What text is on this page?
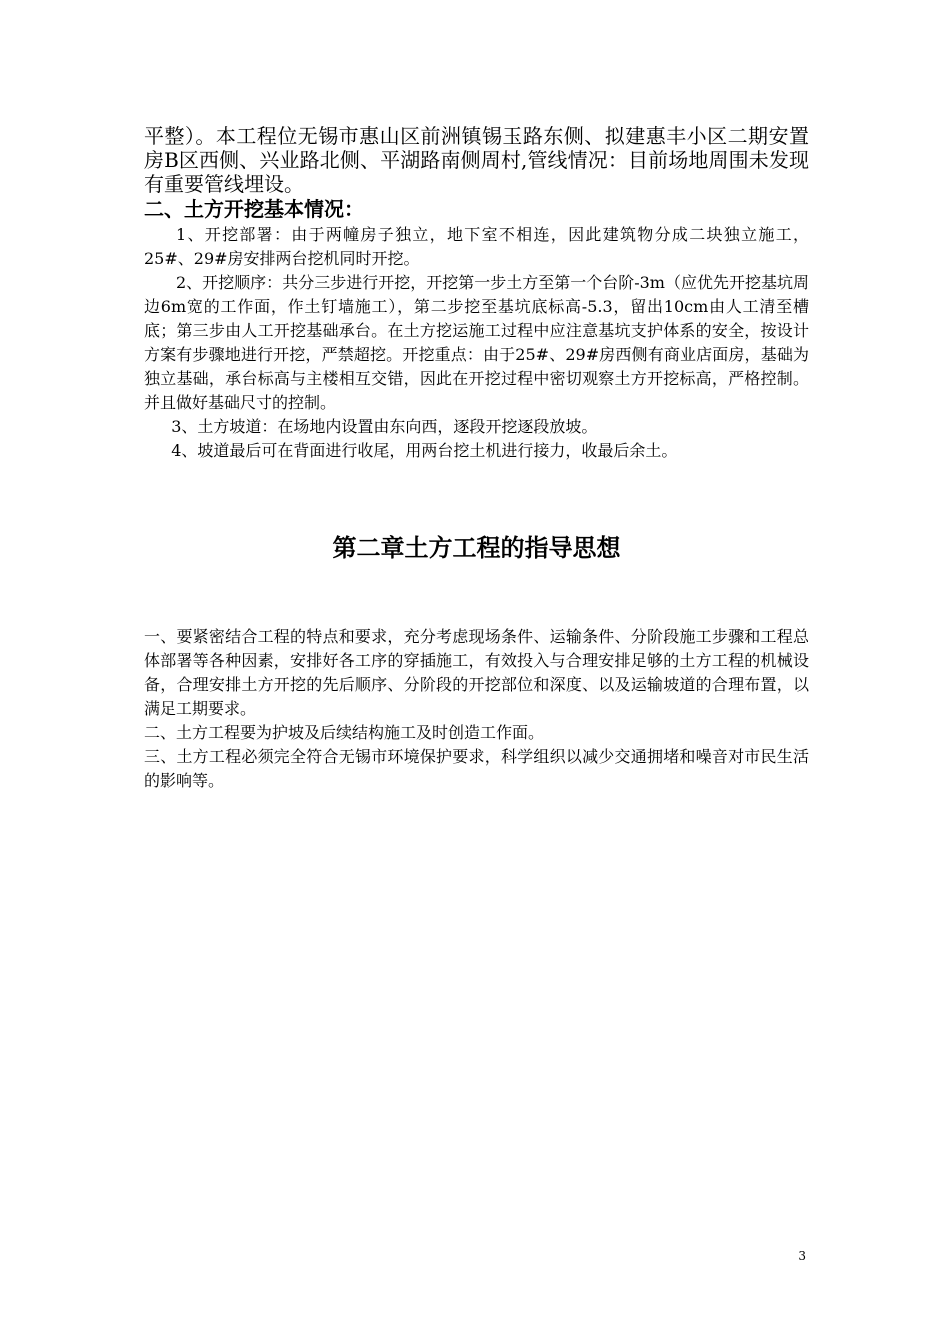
平整）。本工程位无锡市惠山区前洲镇锡玉路东侧、拟建惠丰小区二期安置房B区西侧、兴业路北侧、平湖路南侧周村,管线情况：目前场地周围未发现有重要管线埋设。

二、土方开挖基本情况：

1、开挖部署：由于两幢房子独立，地下室不相连，因此建筑物分成二块独立施工，25#、29#房安排两台挖机同时开挖。

2、开挖顺序：共分三步进行开挖，开挖第一步土方至第一个台阶-3m（应优先开挖基坑周边6m宽的工作面，作土钉墙施工），第二步挖至基坑底标高-5.3，留出10cm由人工清至槽底；第三步由人工开挖基础承台。在土方挖运施工过程中应注意基坑支护体系的安全，按设计方案有步骤地进行开挖，严禁超挖。开挖重点：由于25#、29#房西侧有商业店面房，基础为独立基础，承台标高与主楼相互交错，因此在开挖过程中密切观察土方开挖标高，严格控制。并且做好基础尺寸的控制。

3、土方坡道：在场地内设置由东向西，逐段开挖逐段放坡。

4、坡道最后可在背面进行收尾，用两台挖土机进行接力，收最后余土。

第二章土方工程的指导思想

一、要紧密结合工程的特点和要求，充分考虑现场条件、运输条件、分阶段施工步骤和工程总体部署等各种因素，安排好各工序的穿插施工，有效投入与合理安排足够的土方工程的机械设备，合理安排土方开挖的先后顺序、分阶段的开挖部位和深度、以及运输坡道的合理布置，以满足工期要求。

二、土方工程要为护坡及后续结构施工及时创造工作面。

三、土方工程必须完全符合无锡市环境保护要求，科学组织以减少交通拥堵和噪音对市民生活的影响等。

3
